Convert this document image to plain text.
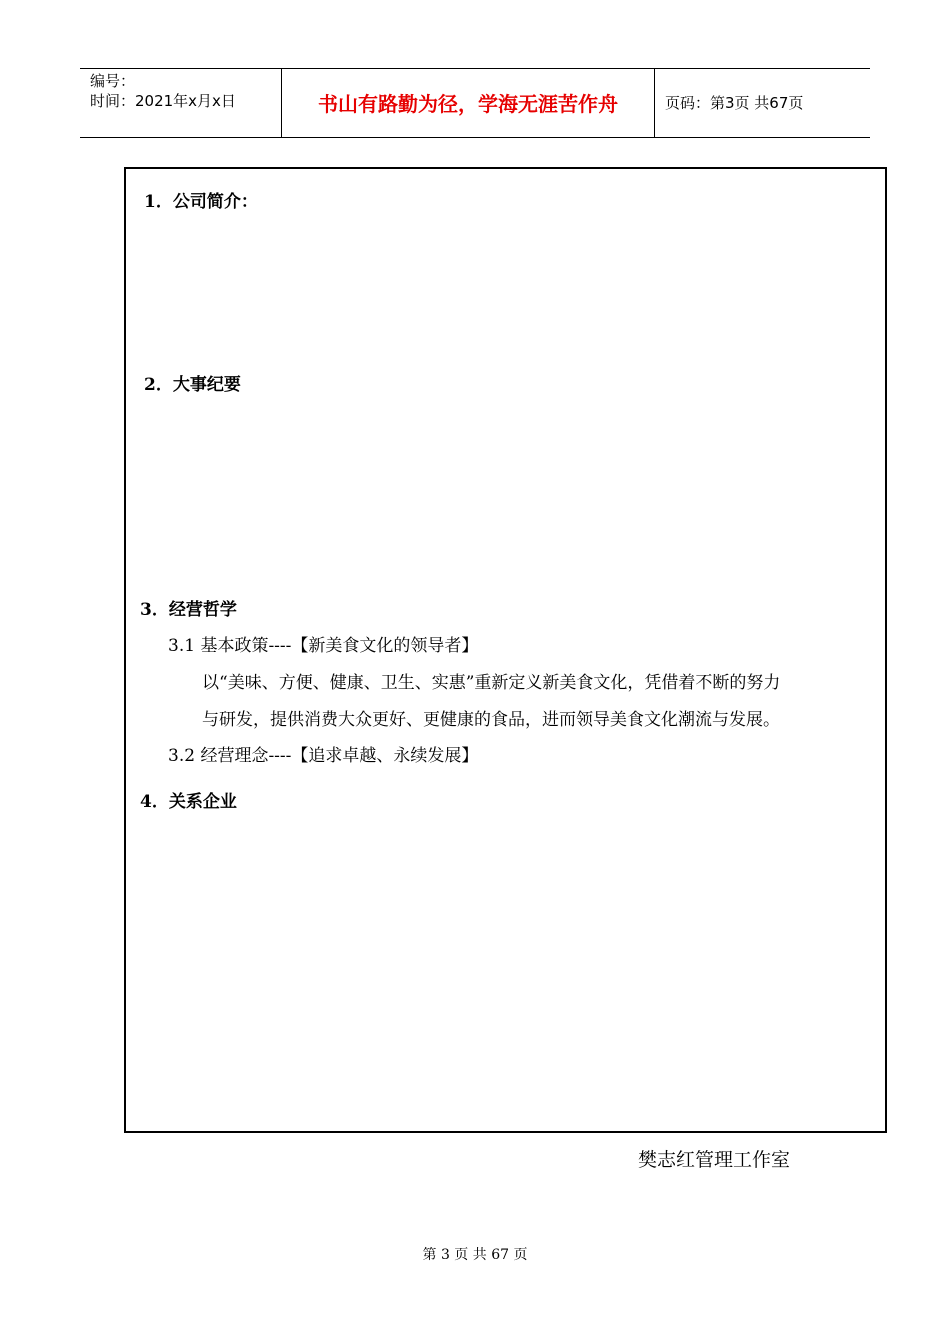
编号：
时间：2021年x月x日	书山有路勤为径，学海无涯苦作舟	页码：第3页 共67页
1．公司简介：
2．大事纪要
3．经营哲学
3.1 基本政策----【新美食文化的领导者】
以“美味、方便、健康、卫生、实惠”重新定义新美食文化，凭借着不断的努力
与研发，提供消费大众更好、更健康的食品，进而领导美食文化潮流与发展。
3.2 经营理念----【追求卓越、永续发展】
4．关系企业
樊志红管理工作室
第 3 页 共 67 页
